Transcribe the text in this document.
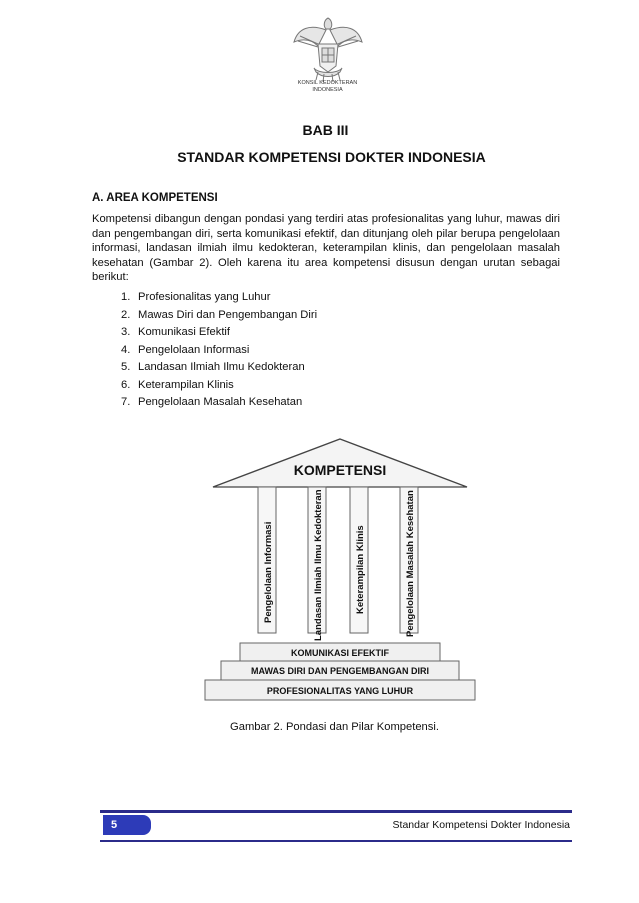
KONSIL KEDOKTERAN
INDONESIA
BAB III
STANDAR KOMPETENSI DOKTER INDONESIA
A. AREA KOMPETENSI

Kompetensi dibangun dengan pondasi yang terdiri atas profesionalitas yang luhur, mawas diri dan pengembangan diri, serta komunikasi efektif, dan ditunjang oleh pilar berupa pengelolaan informasi, landasan ilmiah ilmu kedokteran, keterampilan klinis, dan pengelolaan masalah kesehatan (Gambar 2). Oleh karena itu area kompetensi disusun dengan urutan sebagai berikut:

1. Profesionalitas yang Luhur
2. Mawas Diri dan Pengembangan Diri
3. Komunikasi Efektif
4. Pengelolaan Informasi
5. Landasan Ilmiah Ilmu Kedokteran
6. Keterampilan Klinis
7. Pengelolaan Masalah Kesehatan
KOMPETENSI
Pengelolaan Informasi	Landasan Ilmiah Ilmu Kedokteran	Keterampilan Klinis	Pengelolaan Masalah Kesehatan
KOMUNIKASI EFEKTIF
MAWAS DIRI DAN PENGEMBANGAN DIRI
PROFESIONALITAS YANG LUHUR
Gambar 2. Pondasi dan Pilar Kompetensi.
5	Standar Kompetensi Dokter Indonesia
